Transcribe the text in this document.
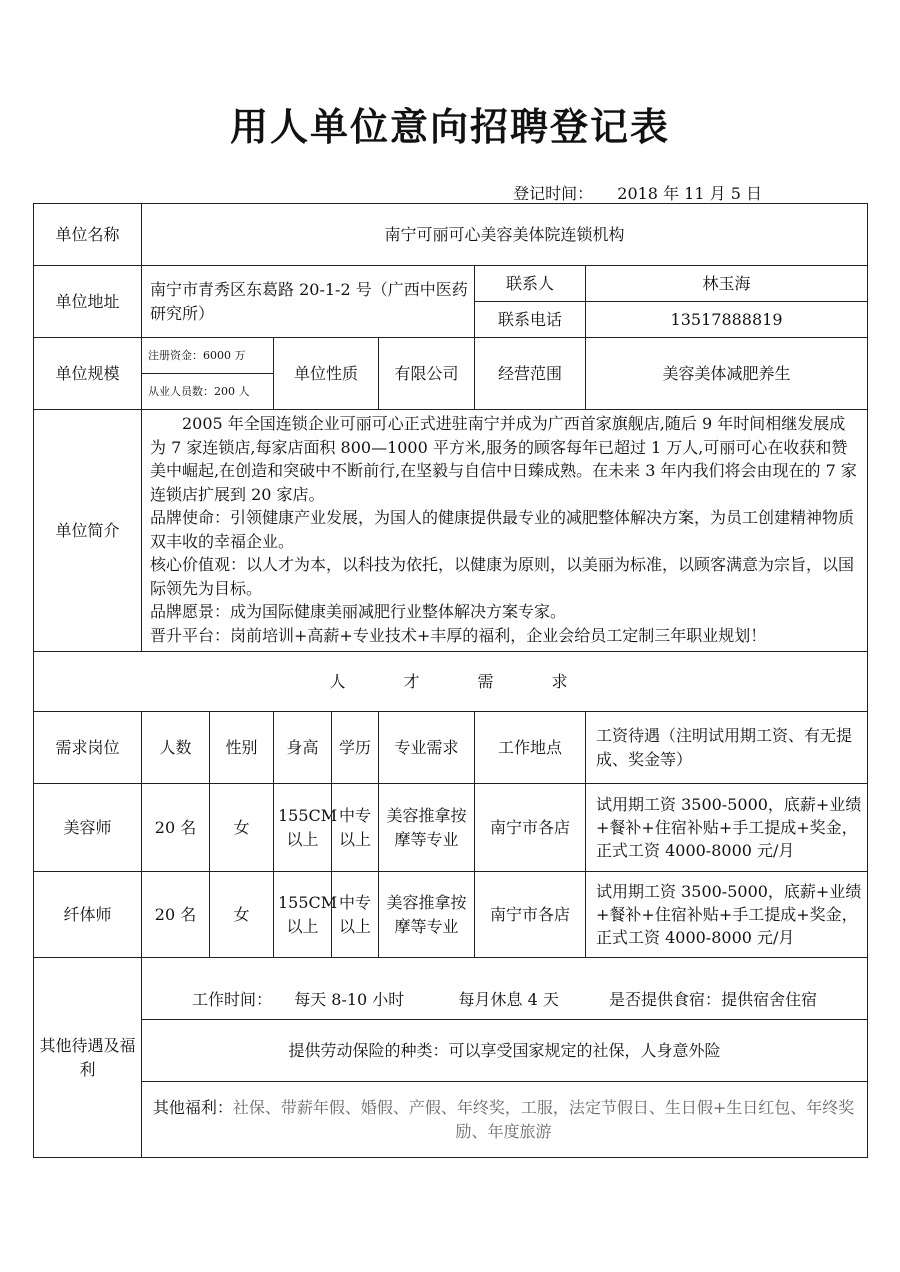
用人单位意向招聘登记表
登记时间： 2018 年 11 月 5 日
单位名称	南宁可丽可心美容美体院连锁机构						
单位地址	南宁市青秀区东葛路 20-1-2 号（广西中医药研究所）					联系人	林玉海
						联系电话	13517888819
单位规模	注册资金：6000 万		单位性质		有限公司	经营范围	美容美体减肥养生
	从业人员数：200 人						
单位简介	2005 年全国连锁企业可丽可心正式进驻南宁并成为广西首家旗舰店,随后 9 年时间相继发展成为 7 家连锁店,每家店面积 800—1000 平方米,服务的顾客每年已超过 1 万人,可丽可心在收获和赞美中崛起,在创造和突破中不断前行,在坚毅与自信中日臻成熟。在未来 3 年内我们将会由现在的 7 家连锁店扩展到 20 家店。

品牌使命：引领健康产业发展，为国人的健康提供最专业的减肥整体解决方案，为员工创建精神物质双丰收的幸福企业。

核心价值观：以人才为本，以科技为依托，以健康为原则，以美丽为标准，以顾客满意为宗旨，以国际领先为目标。

品牌愿景：成为国际健康美丽减肥行业整体解决方案专家。

晋升平台：岗前培训+高薪+专业技术+丰厚的福利，企业会给员工定制三年职业规划！						

人才需求							
需求岗位	人数	性别	身高	学历	专业需求	工作地点	工资待遇（注明试用期工资、有无提成、奖金等）
美容师	20 名	女	155CM 以上	中专以上	美容推拿按摩等专业	南宁市各店	试用期工资 3500-5000，底薪+业绩+餐补+住宿补贴+手工提成+奖金，正式工资 4000-8000 元/月
纤体师	20 名	女	155CM 以上	中专以上	美容推拿按摩等专业	南宁市各店	试用期工资 3500-5000，底薪+业绩+餐补+住宿补贴+手工提成+奖金，正式工资 4000-8000 元/月
其他待遇及福利	工作时间： 每天 8-10 小时 每月休息 4 天 是否提供食宿：提供宿舍住宿						
	提供劳动保险的种类：可以享受国家规定的社保，人身意外险						
	其他福利：社保、带薪年假、婚假、产假、年终奖，工服，法定节假日、生日假+生日红包、年终奖励、年度旅游						
